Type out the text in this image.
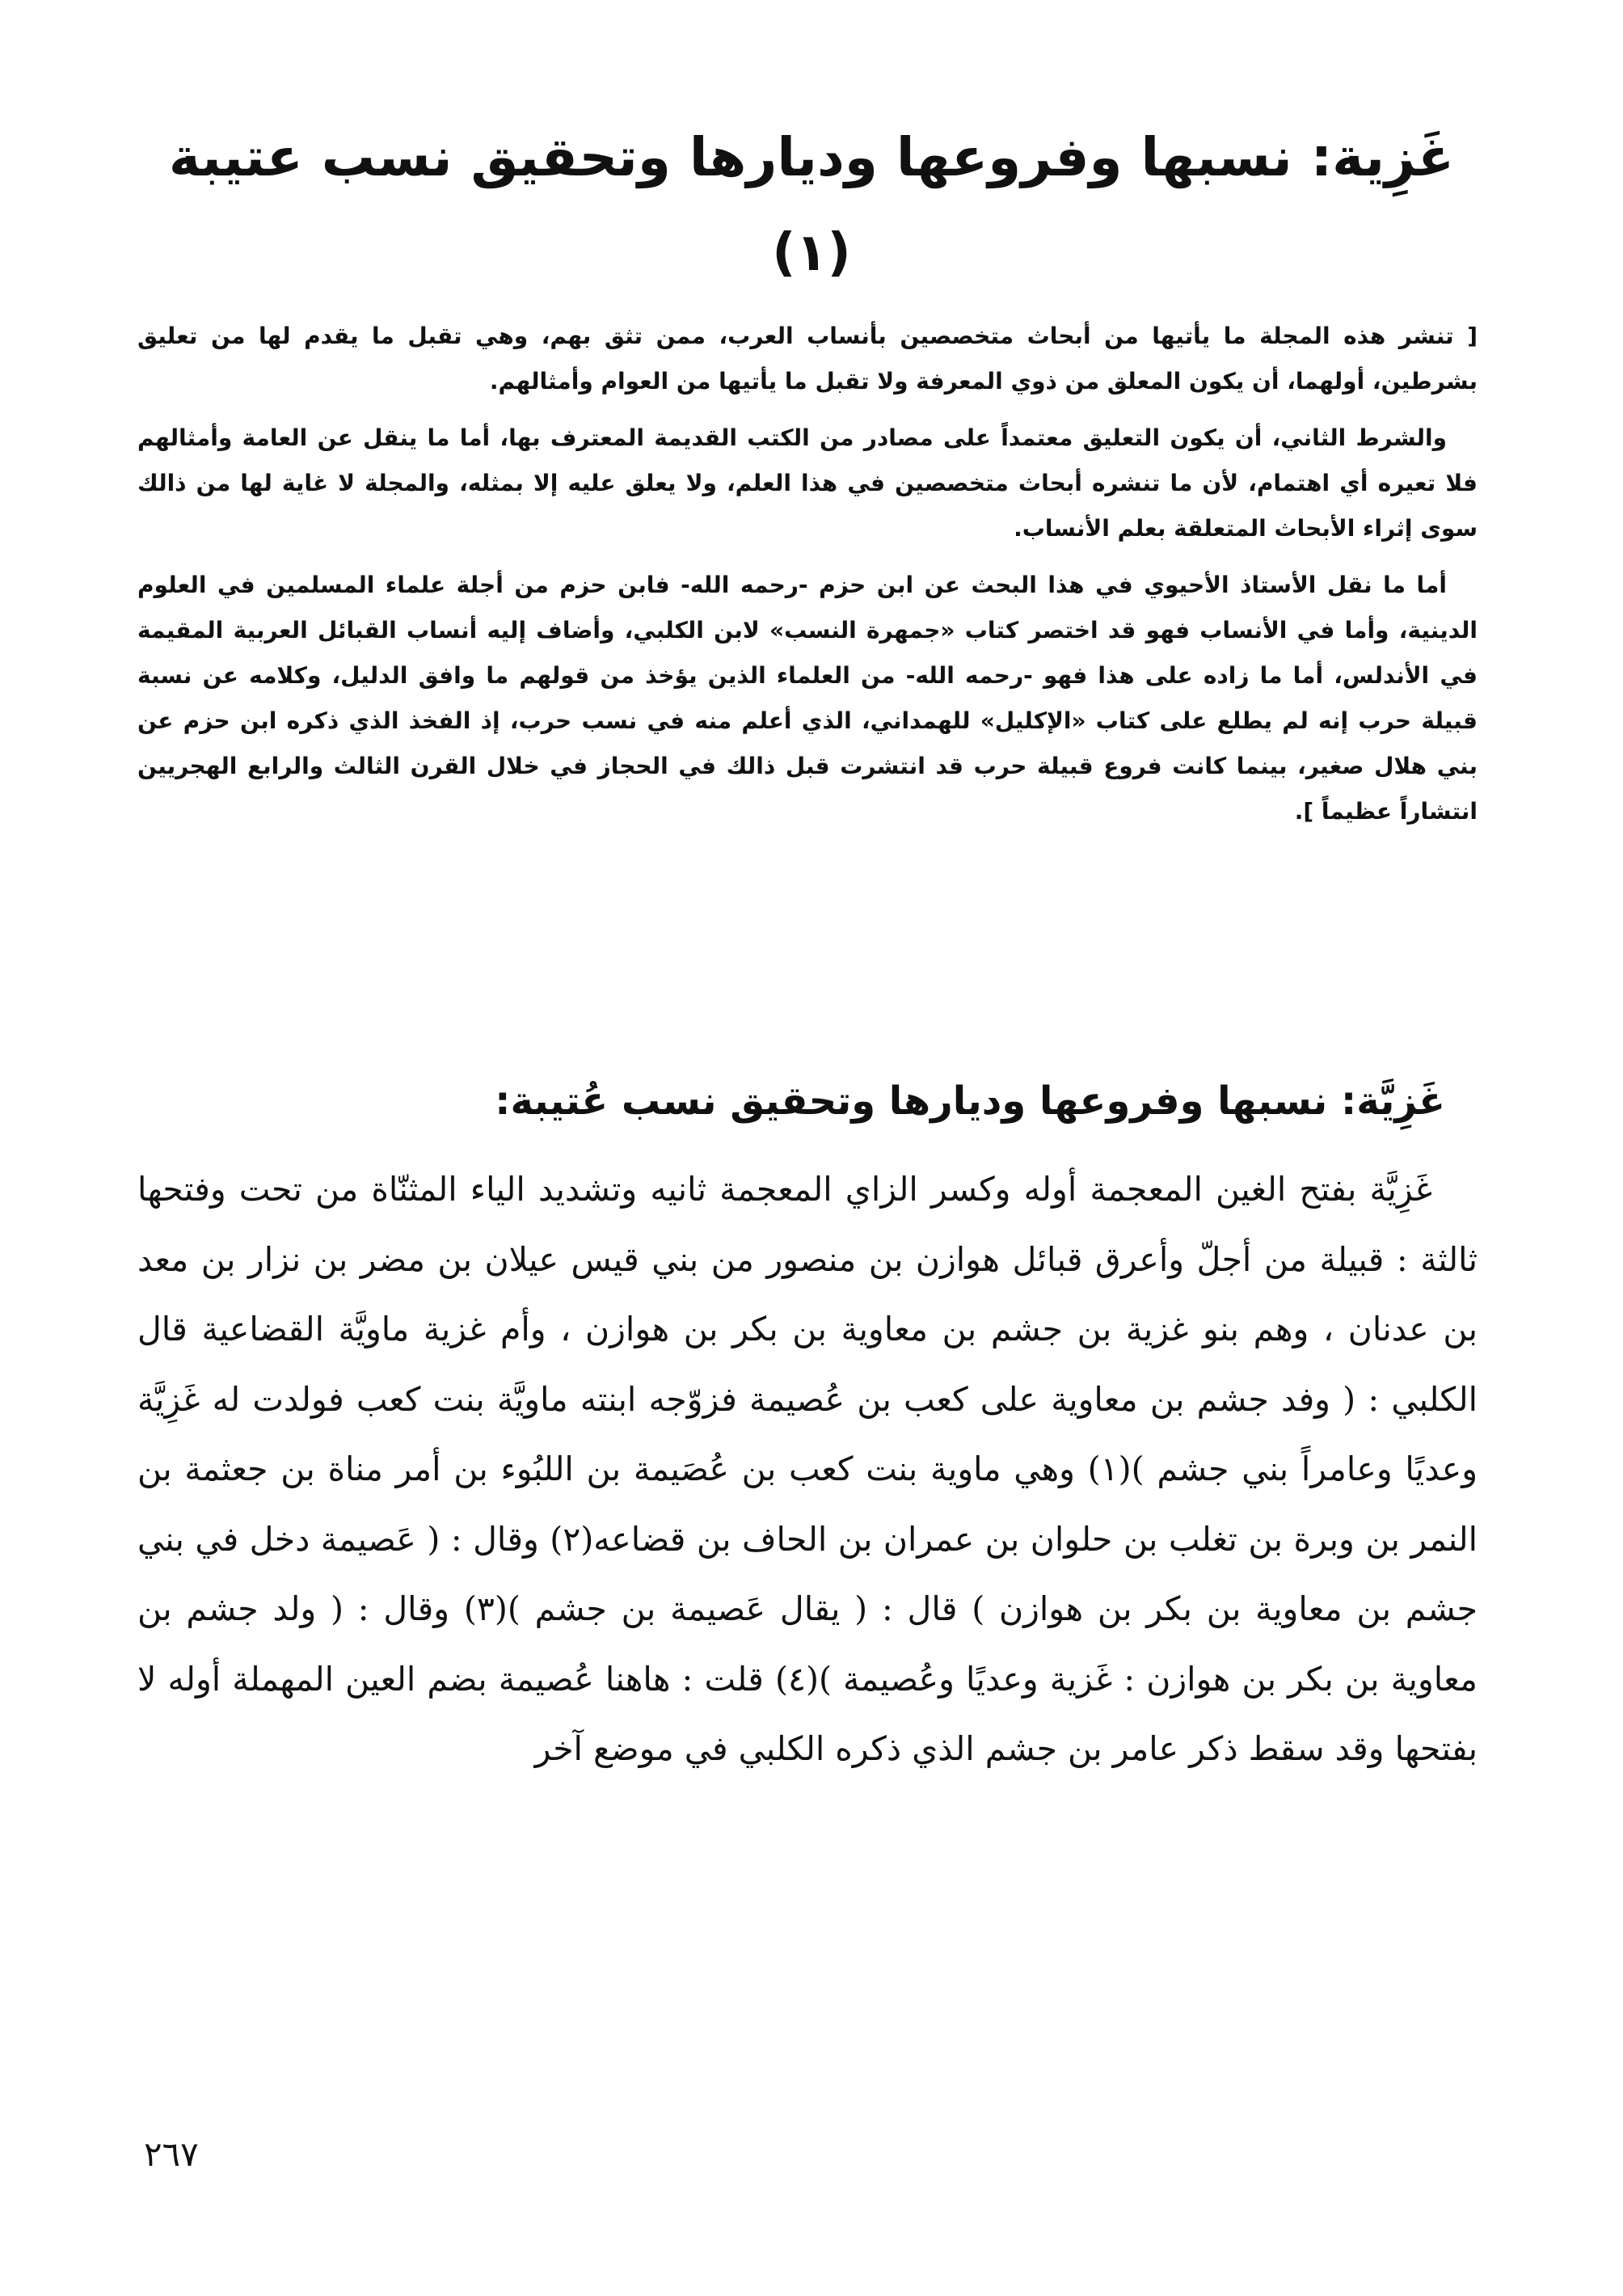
غَزِية: نسبها وفروعها وديارها وتحقيق نسب عتيبة
(١)

[ تنشر هذه المجلة ما يأتيها من أبحاث متخصصين بأنساب العرب، ممن تثق بهم، وهي تقبل ما يقدم لها من تعليق بشرطين، أولهما، أن يكون المعلق من ذوي المعرفة ولا تقبل ما يأتيها من العوام وأمثالهم.

والشرط الثاني، أن يكون التعليق معتمداً على مصادر من الكتب القديمة المعترف بها، أما ما ينقل عن العامة وأمثالهم فلا تعيره أي اهتمام، لأن ما تنشره أبحاث متخصصين في هذا العلم، ولا يعلق عليه إلا بمثله، والمجلة لا غاية لها من ذالك سوى إثراء الأبحاث المتعلقة بعلم الأنساب.

أما ما نقل الأستاذ الأحيوي في هذا البحث عن ابن حزم -رحمه الله- فابن حزم من أجلة علماء المسلمين في العلوم الدينية، وأما في الأنساب فهو قد اختصر كتاب «جمهرة النسب» لابن الكلبي، وأضاف إليه أنساب القبائل العربية المقيمة في الأندلس، أما ما زاده على هذا فهو -رحمه الله- من العلماء الذين يؤخذ من قولهم ما وافق الدليل، وكلامه عن نسبة قبيلة حرب إنه لم يطلع على كتاب «الإكليل» للهمداني، الذي أعلم منه في نسب حرب، إذ الفخذ الذي ذكره ابن حزم عن بني هلال صغير، بينما كانت فروع قبيلة حرب قد انتشرت قبل ذالك في الحجاز في خلال القرن الثالث والرابع الهجريين انتشاراً عظيماً ].

غَزِيَّة: نسبها وفروعها وديارها وتحقيق نسب عُتيبة:

غَزِيَّة بفتح الغين المعجمة أوله وكسر الزاي المعجمة ثانيه وتشديد الياء المثنّاة من تحت وفتحها ثالثة : قبيلة من أجلّ وأعرق قبائل هوازن بن منصور من بني قيس عيلان بن مضر بن نزار بن معد بن عدنان ، وهم بنو غزية بن جشم بن معاوية بن بكر بن هوازن ، وأم غزية ماويَّة القضاعية قال الكلبي : ( وفد جشم بن معاوية على كعب بن عُصيمة فزوّجه ابنته ماويَّة بنت كعب فولدت له غَزِيَّة وعديًا وعامراً بني جشم )(١) وهي ماوية بنت كعب بن عُصَيمة بن اللبُوء بن أمر مناة بن جعثمة بن النمر بن وبرة بن تغلب بن حلوان بن عمران بن الحاف بن قضاعه(٢) وقال : ( عَصيمة دخل في بني جشم بن معاوية بن بكر بن هوازن ) قال : ( يقال عَصيمة بن جشم )(٣) وقال : ( ولد جشم بن معاوية بن بكر بن هوازن : غَزية وعديًا وعُصيمة )(٤) قلت : هاهنا عُصيمة بضم العين المهملة أوله لا بفتحها وقد سقط ذكر عامر بن جشم الذي ذكره الكلبي في موضع آخر

٢٦٧
